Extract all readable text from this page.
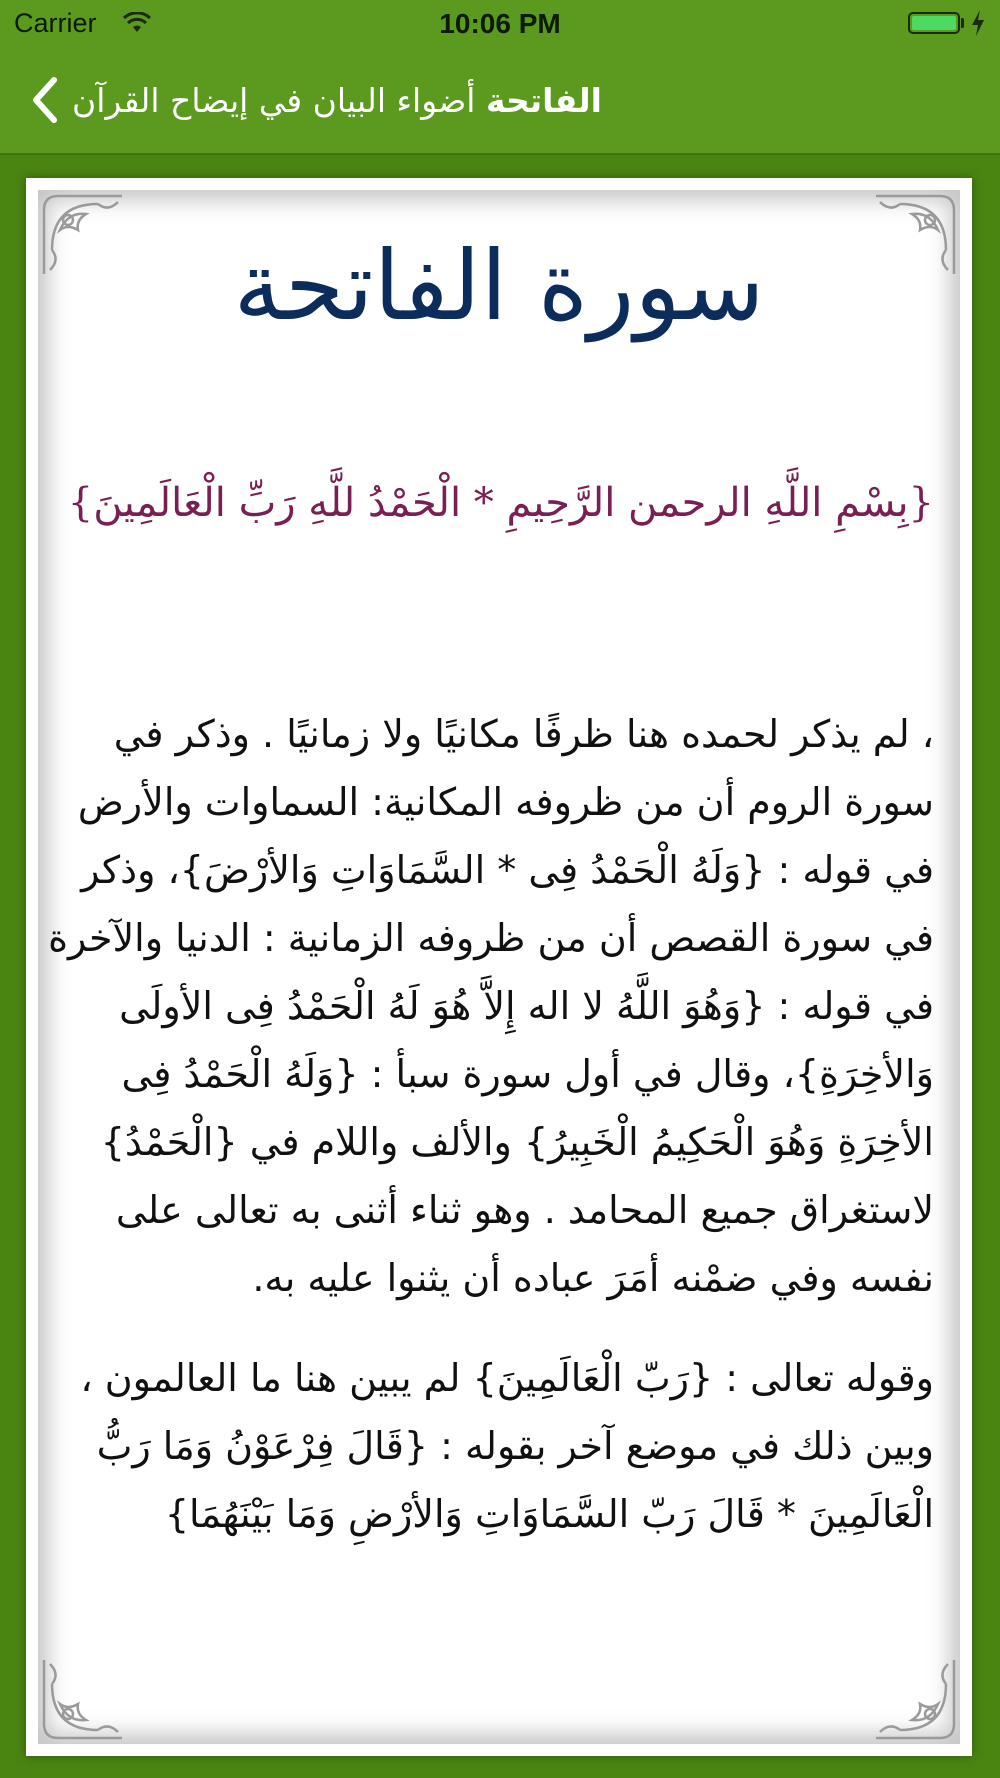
Carrier	10:06 PM
الفاتحة أضواء البيان في إيضاح القرآن
سورة الفاتحة
{بِسْمِ اللَّهِ الرحمن الرَّحِيمِ * الْحَمْدُ للَّهِ رَبِّ الْعَالَمِينَ}

، لم يذكر لحمده هنا ظرفًا مكانيًا ولا زمانيًا . وذكر في سورة الروم أن من ظروفه المكانية: السماوات والأرض في قوله : {وَلَهُ الْحَمْدُ فِى * السَّمَاوَاتِ وَالأرْضَ}، وذكر في سورة القصص أن من ظروفه الزمانية : الدنيا والآخرة في قوله : {وَهُوَ اللَّهُ لا اله إِلاَّ هُوَ لَهُ الْحَمْدُ فِى الأولَى وَالأخِرَةِ}، وقال في أول سورة سبأ : {وَلَهُ الْحَمْدُ فِى الأخِرَةِ وَهُوَ الْحَكِيمُ الْخَبِيرُ} والألف واللام في {الْحَمْدُ} لاستغراق جميع المحامد . وهو ثناء أثنى به تعالى على نفسه وفي ضمْنه أمَرَ عباده أن يثنوا عليه به.

وقوله تعالى : {رَبّ الْعَالَمِينَ} لم يبين هنا ما العالمون ، وبين ذلك في موضع آخر بقوله : {قَالَ فِرْعَوْنُ وَمَا رَبُّ الْعَالَمِينَ * قَالَ رَبّ السَّمَاوَاتِ وَالأرْضِ وَمَا بَيْنَهُمَا}
